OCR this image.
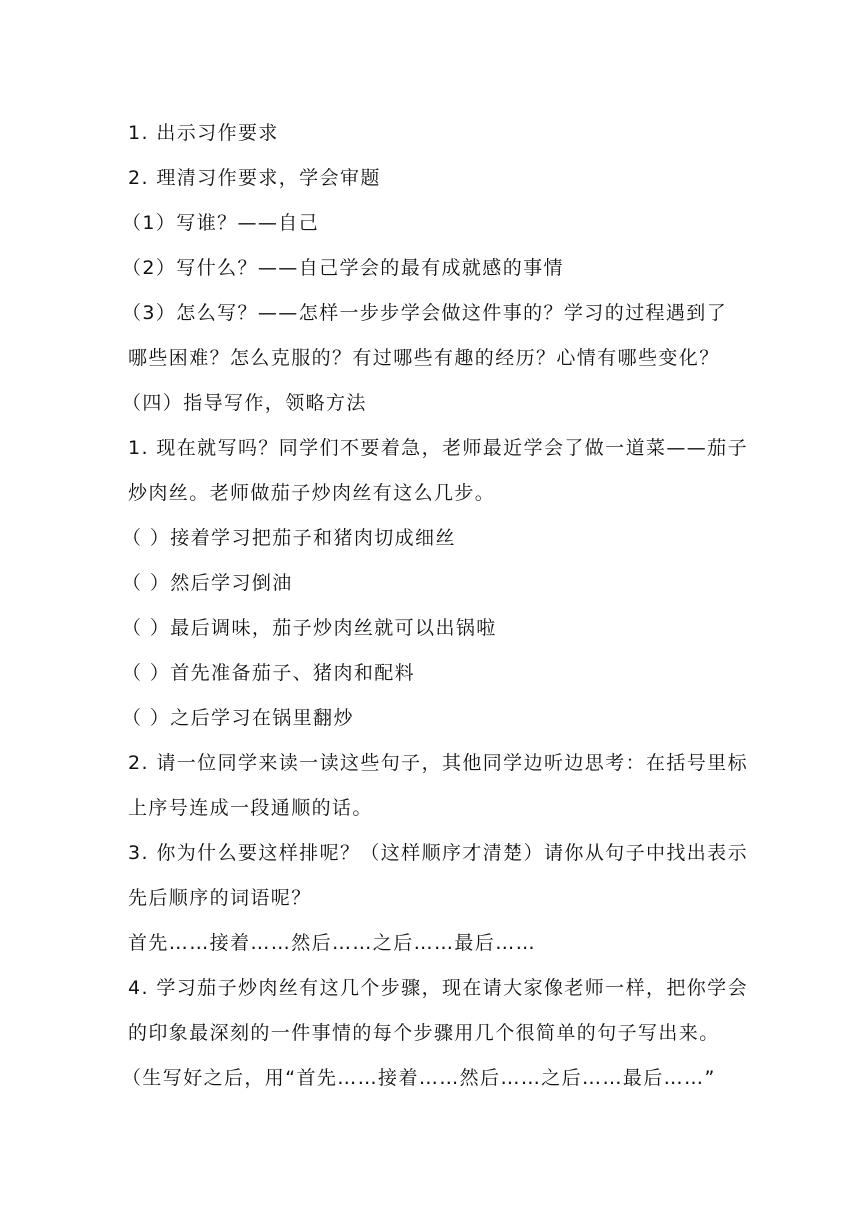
1. 出示习作要求
2. 理清习作要求，学会审题
（1）写谁？——自己
（2）写什么？——自己学会的最有成就感的事情
（3）怎么写？——怎样一步步学会做这件事的？学习的过程遇到了
哪些困难？怎么克服的？有过哪些有趣的经历？心情有哪些变化？
（四）指导写作，领略方法
1. 现在就写吗？同学们不要着急，老师最近学会了做一道菜——茄子
炒肉丝。老师做茄子炒肉丝有这么几步。
（ ）接着学习把茄子和猪肉切成细丝
（ ）然后学习倒油
（ ）最后调味，茄子炒肉丝就可以出锅啦
（ ）首先准备茄子、猪肉和配料
（ ）之后学习在锅里翻炒
2. 请一位同学来读一读这些句子，其他同学边听边思考：在括号里标
上序号连成一段通顺的话。
3. 你为什么要这样排呢？（这样顺序才清楚）请你从句子中找出表示
先后顺序的词语呢？
首先……接着……然后……之后……最后……
4. 学习茄子炒肉丝有这几个步骤，现在请大家像老师一样，把你学会
的印象最深刻的一件事情的每个步骤用几个很简单的句子写出来。
（生写好之后，用“首先……接着……然后……之后……最后……”
